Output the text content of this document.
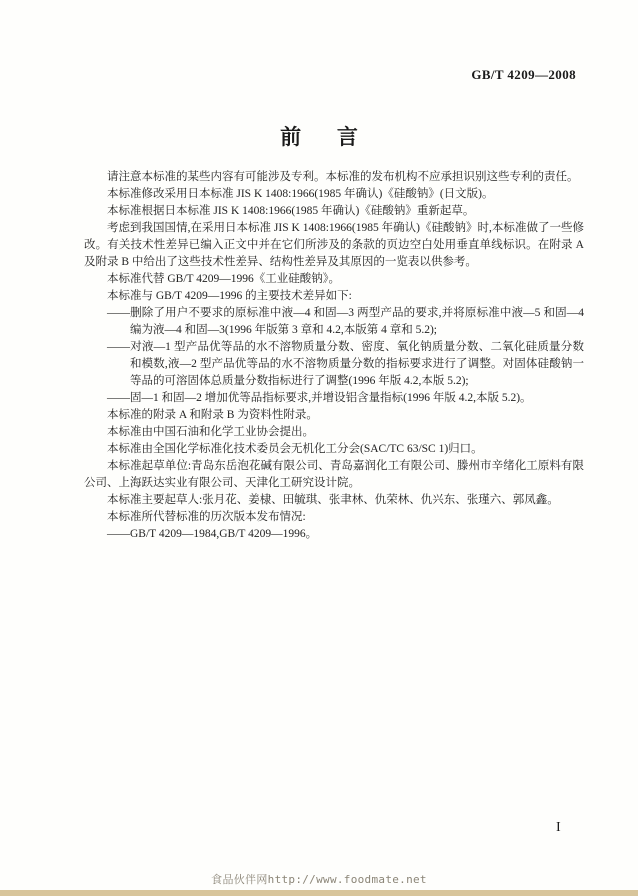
GB/T 4209—2008
前言

请注意本标准的某些内容有可能涉及专利。本标准的发布机构不应承担识别这些专利的责任。

本标准修改采用日本标准 JIS K 1408:1966(1985 年确认)《硅酸钠》(日文版)。

本标准根据日本标准 JIS K 1408:1966(1985 年确认)《硅酸钠》重新起草。

考虑到我国国情,在采用日本标准 JIS K 1408:1966(1985 年确认)《硅酸钠》时,本标准做了一些修改。有关技术性差异已编入正文中并在它们所涉及的条款的页边空白处用垂直单线标识。在附录 A 及附录 B 中给出了这些技术性差异、结构性差异及其原因的一览表以供参考。

本标准代替 GB/T 4209—1996《工业硅酸钠》。

本标准与 GB/T 4209—1996 的主要技术差异如下:

——删除了用户不要求的原标准中液—4 和固—3 两型产品的要求,并将原标准中液—5 和固—4编为液—4 和固—3(1996 年版第 3 章和 4.2,本版第 4 章和 5.2);

——对液—1 型产品优等品的水不溶物质量分数、密度、氧化钠质量分数、二氧化硅质量分数和模数,液—2 型产品优等品的水不溶物质量分数的指标要求进行了调整。对固体硅酸钠一等品的可溶固体总质量分数指标进行了调整(1996 年版 4.2,本版 5.2);

——固—1 和固—2 增加优等品指标要求,并增设铝含量指标(1996 年版 4.2,本版 5.2)。

本标准的附录 A 和附录 B 为资料性附录。

本标准由中国石油和化学工业协会提出。

本标准由全国化学标准化技术委员会无机化工分会(SAC/TC 63/SC 1)归口。

本标准起草单位:青岛东岳泡花碱有限公司、青岛嘉润化工有限公司、滕州市辛绪化工原料有限公司、上海跃达实业有限公司、天津化工研究设计院。

本标准主要起草人:张月花、姜棣、田毓琪、张聿林、仇荣林、仇兴东、张瑾六、郭凤鑫。

本标准所代替标准的历次版本发布情况:

——GB/T 4209—1984,GB/T 4209—1996。

I
食品伙伴网http://www.foodmate.net
